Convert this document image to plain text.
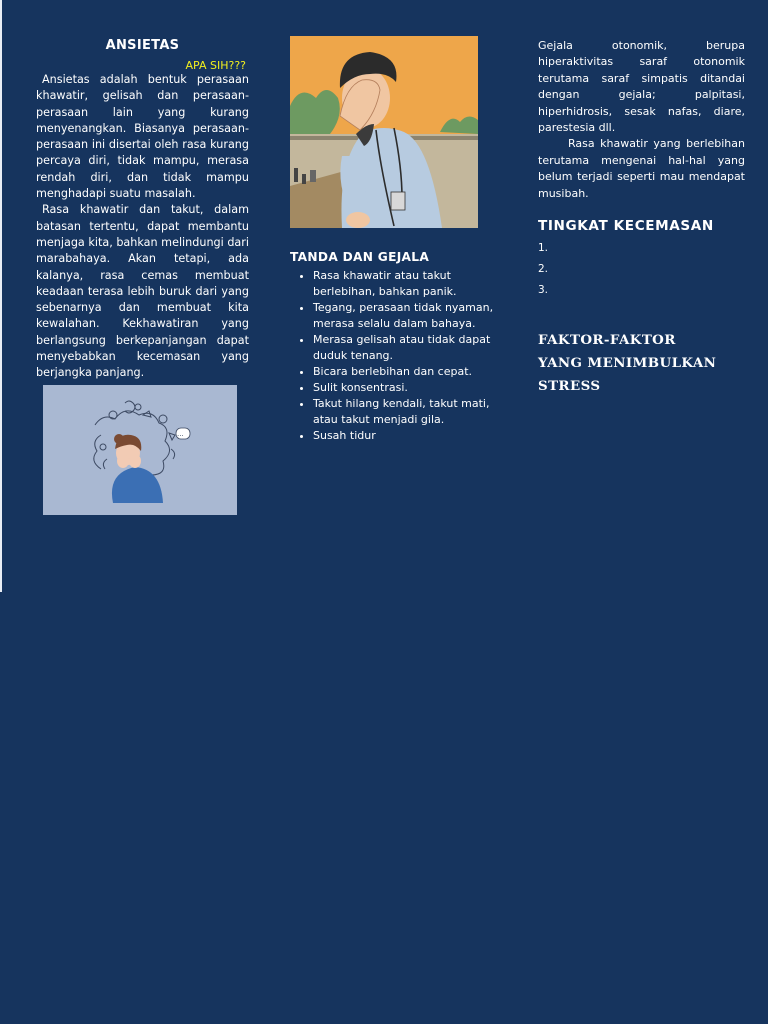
ANSIETAS
APA SIH???

Ansietas adalah bentuk perasaan khawatir, gelisah dan perasaan-perasaan lain yang kurang menyenangkan. Biasanya perasaan-perasaan ini disertai oleh rasa kurang percaya diri, tidak mampu, merasa rendah diri, dan tidak mampu menghadapi suatu masalah.

Rasa khawatir dan takut, dalam batasan tertentu, dapat membantu menjaga kita, bahkan melindungi dari marabahaya. Akan tetapi, ada kalanya, rasa cemas membuat keadaan terasa lebih buruk dari yang sebenarnya dan membuat kita kewalahan. Kekhawatiran yang berlangsung berkepanjangan dapat menyebabkan kecemasan yang berjangka panjang.

...
TANDA DAN GEJALA
• Rasa khawatir atau takut berlebihan, bahkan panik.
• Tegang, perasaan tidak nyaman, merasa selalu dalam bahaya.
• Merasa gelisah atau tidak dapat duduk tenang.
• Bicara berlebihan dan cepat.
• Sulit konsentrasi.
• Takut hilang kendali, takut mati, atau takut menjadi gila.
• Susah tidur

Gejala otonomik, berupa hiperaktivitas saraf otonomik terutama saraf simpatis ditandai dengan gejala; palpitasi, hiperhidrosis, sesak nafas, diare, parestesia dll.

Rasa khawatir yang berlebihan terutama mengenai hal-hal yang belum terjadi seperti mau mendapat musibah.

TINGKAT KECEMASAN
1.
2.
3.
FAKTOR-FAKTOR
YANG MENIMBULKAN
STRESS
